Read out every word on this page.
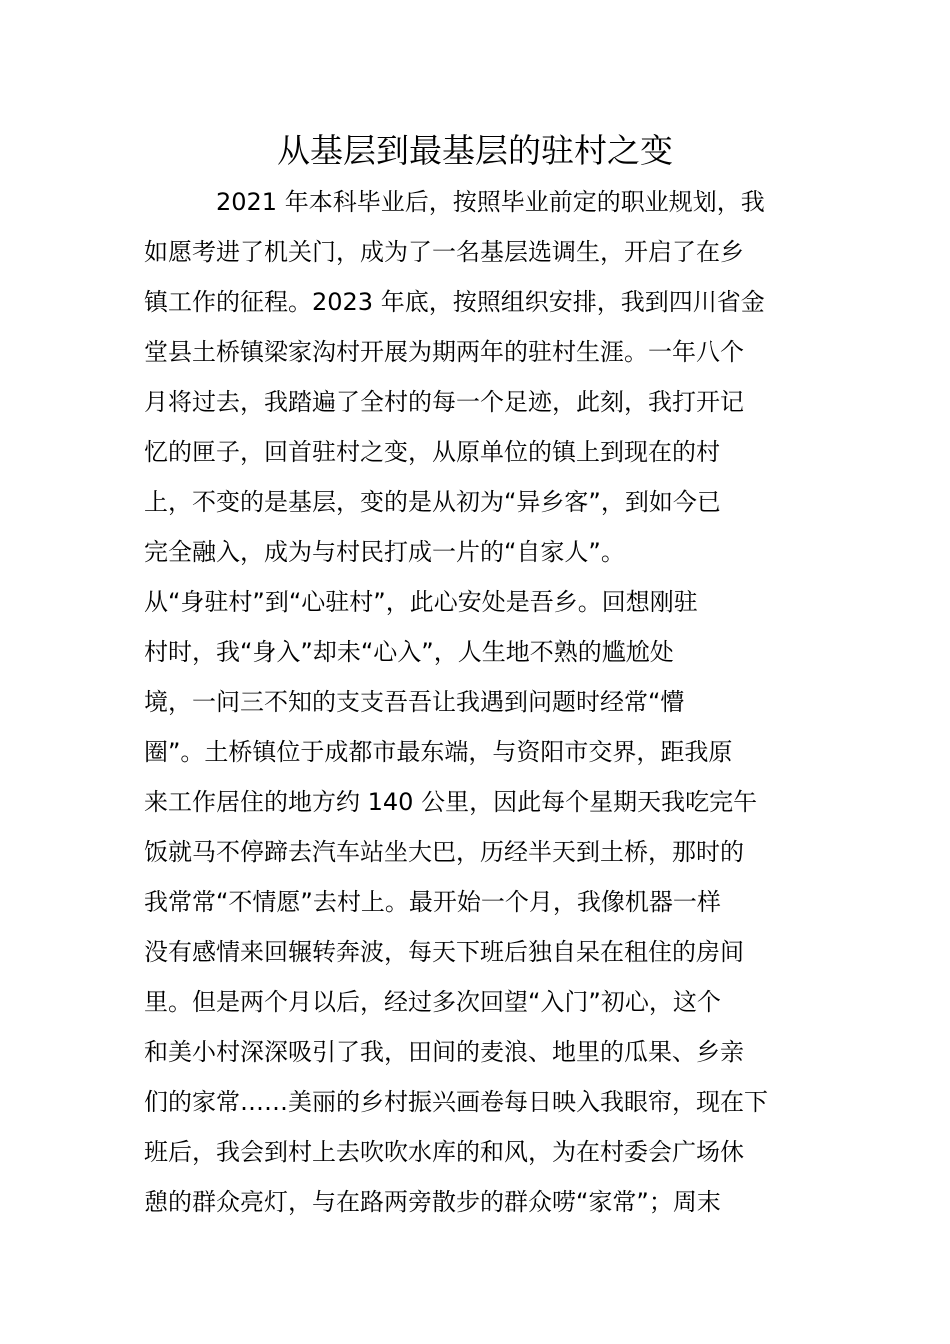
从基层到最基层的驻村之变
　　　2021 年本科毕业后，按照毕业前定的职业规划，我
如愿考进了机关门，成为了一名基层选调生，开启了在乡
镇工作的征程。2023 年底，按照组织安排，我到四川省金
堂县土桥镇梁家沟村开展为期两年的驻村生涯。一年八个
月将过去，我踏遍了全村的每一个足迹，此刻，我打开记
忆的匣子，回首驻村之变，从原单位的镇上到现在的村
上，不变的是基层，变的是从初为“异乡客”，到如今已
完全融入，成为与村民打成一片的“自家人”。
从“身驻村”到“心驻村”，此心安处是吾乡。回想刚驻
村时，我“身入”却未“心入”，人生地不熟的尴尬处
境，一问三不知的支支吾吾让我遇到问题时经常“懵
圈”。土桥镇位于成都市最东端，与资阳市交界，距我原
来工作居住的地方约 140 公里，因此每个星期天我吃完午
饭就马不停蹄去汽车站坐大巴，历经半天到土桥，那时的
我常常“不情愿”去村上。最开始一个月，我像机器一样
没有感情来回辗转奔波，每天下班后独自呆在租住的房间
里。但是两个月以后，经过多次回望“入门”初心，这个
和美小村深深吸引了我，田间的麦浪、地里的瓜果、乡亲
们的家常……美丽的乡村振兴画卷每日映入我眼帘，现在下
班后，我会到村上去吹吹水库的和风，为在村委会广场休
憩的群众亮灯，与在路两旁散步的群众唠“家常”；周末
